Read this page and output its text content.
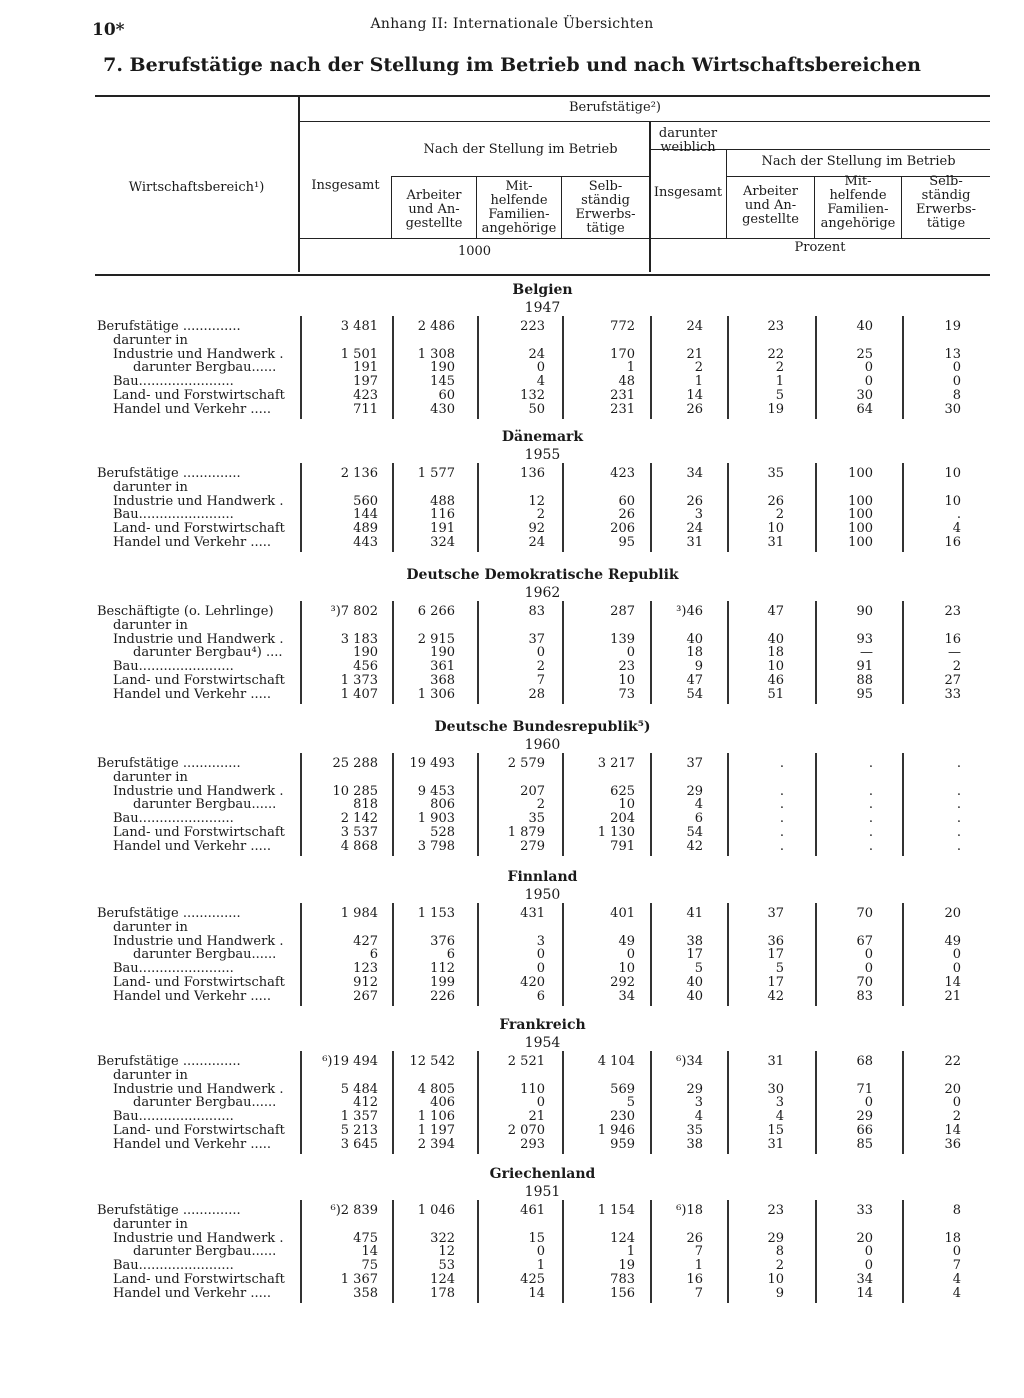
10*	Anhang II: Internationale Übersichten
7. Berufstätige nach der Stellung im Betrieb und nach Wirtschaftsbereichen
Wirtschaftsbereich¹)
Berufstätige²)
Insgesamt
Nach der Stellung im Betrieb
Arbeiter
und An-
gestellte
Mit-
helfende
Familien-
angehörige
Selb-
ständig
Erwerbs-
tätige
darunter weiblich
Nach der Stellung im Betrieb
Insgesamt	Arbeiter
und An-
gestellte
Mit-
helfende
Familien-
angehörige
Selb-
ständig
Erwerbs-
tätige
1000	Prozent
Belgien
1947
Berufstätige ..............	3 481	2 486	223	772	24	23	40	19
darunter in
Industrie und Handwerk .	1 501	1 308	24	170	21	22	25	13
darunter Bergbau......	191	190	0	1	2	2	0	0
Bau.......................	197	145	4	48	1	1	0	0
Land- und Forstwirtschaft	423	60	132	231	14	5	30	8
Handel und Verkehr .....	711	430	50	231	26	19	64	30
Dänemark
1955
Berufstätige ..............	2 136	1 577	136	423	34	35	100	10
darunter in
Industrie und Handwerk .	560	488	12	60	26	26	100	10
Bau.......................	144	116	2	26	3	2	100	.
Land- und Forstwirtschaft	489	191	92	206	24	10	100	4
Handel und Verkehr .....	443	324	24	95	31	31	100	16
Deutsche Demokratische Republik
1962
Beschäftigte (o. Lehrlinge)	³)7 802	6 266	83	287	³)46	47	90	23
darunter in
Industrie und Handwerk .	3 183	2 915	37	139	40	40	93	16
darunter Bergbau⁴) ....	190	190	0	0	18	18	—	—
Bau.......................	456	361	2	23	9	10	91	2
Land- und Forstwirtschaft	1 373	368	7	10	47	46	88	27
Handel und Verkehr .....	1 407	1 306	28	73	54	51	95	33
Deutsche Bundesrepublik⁵)
1960
Berufstätige ..............	25 288	19 493	2 579	3 217	37	.	.	.
darunter in
Industrie und Handwerk .	10 285	9 453	207	625	29	.	.	.
darunter Bergbau......	818	806	2	10	4	.	.	.
Bau.......................	2 142	1 903	35	204	6	.	.	.
Land- und Forstwirtschaft	3 537	528	1 879	1 130	54	.	.	.
Handel und Verkehr .....	4 868	3 798	279	791	42	.	.	.
Finnland
1950
Berufstätige ..............	1 984	1 153	431	401	41	37	70	20
darunter in
Industrie und Handwerk .	427	376	3	49	38	36	67	49
darunter Bergbau......	6	6	0	0	17	17	0	0
Bau.......................	123	112	0	10	5	5	0	0
Land- und Forstwirtschaft	912	199	420	292	40	17	70	14
Handel und Verkehr .....	267	226	6	34	40	42	83	21
Frankreich
1954
Berufstätige ..............	⁶)19 494	12 542	2 521	4 104	⁶)34	31	68	22
darunter in
Industrie und Handwerk .	5 484	4 805	110	569	29	30	71	20
darunter Bergbau......	412	406	0	5	3	3	0	0
Bau.......................	1 357	1 106	21	230	4	4	29	2
Land- und Forstwirtschaft	5 213	1 197	2 070	1 946	35	15	66	14
Handel und Verkehr .....	3 645	2 394	293	959	38	31	85	36
Griechenland
1951
Berufstätige ..............	⁶)2 839	1 046	461	1 154	⁶)18	23	33	8
darunter in
Industrie und Handwerk .	475	322	15	124	26	29	20	18
darunter Bergbau......	14	12	0	1	7	8	0	0
Bau.......................	75	53	1	19	1	2	0	7
Land- und Forstwirtschaft	1 367	124	425	783	16	10	34	4
Handel und Verkehr .....	358	178	14	156	7	9	14	4
